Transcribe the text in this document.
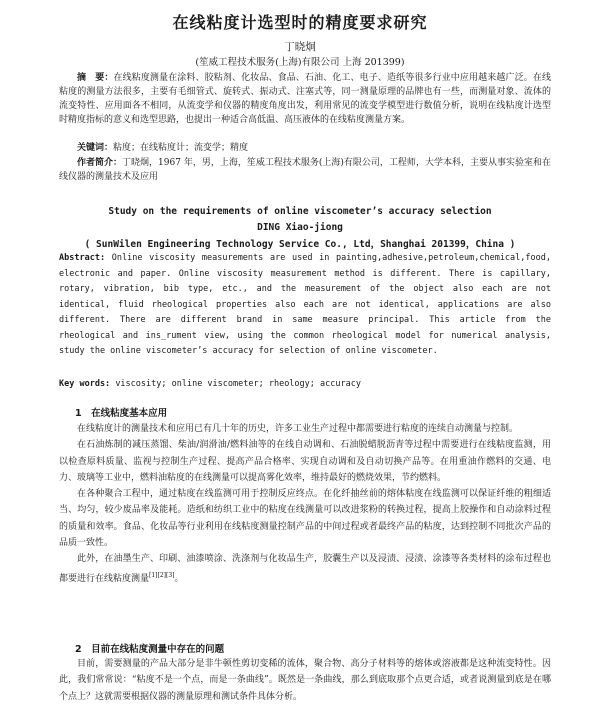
在线粘度计选型时的精度要求研究
丁晓炯
(笙威工程技术服务(上海)有限公司 上海 201399)
摘　要：在线粘度测量在涂料、胶粘剂、化妆品、食品、石油、化工、电子、造纸等很多行业中应用越来越广泛。在线粘度的测量方法很多，主要有毛细管式、旋转式、振动式、注塞式等，同一测量原理的品牌也有一些，而测量对象、流体的流变特性、应用面各不相同，从流变学和仪器的精度角度出发，利用常见的流变学模型进行数值分析，说明在线粘度计选型时精度指标的意义和选型思路，也提出一种适合高低温、高压液体的在线粘度测量方案。
关键词：粘度；在线粘度计；流变学；精度
作者简介：丁晓炯，1967 年，男，上海，笙威工程技术服务(上海)有限公司，工程师，大学本科，主要从事实验室和在线仪器的测量技术及应用
Study on the requirements of online viscometer’s accuracy selection
DING Xiao-jiong
( SunWilen Engineering Technology Service Co., Ltd，Shanghai 201399，China )
Abstract: Online viscosity measurements are used in painting,adhesive,petroleum,chemical,food, electronic and paper. Online viscosity measurement method is different. There is capillary, rotary, vibration, bib type, etc., and the measurement of the object also each are not identical, fluid rheological properties also each are not identical, applications are also different. There are different brand in same measure principal. This article from the rheological and ins_rument view, using the common rheological model for numerical analysis, study the online viscometer’s accuracy for selection of online viscometer.
Key words: viscosity; online viscometer; rheology; accuracy
1　在线粘度基本应用

在线粘度计的测量技术和应用已有几十年的历史，许多工业生产过程中都需要进行粘度的连续自动测量与控制。

在石油炼制的减压蒸馏、柴油/润滑油/燃料油等的在线自动调和、石油脱蜡脱沥青等过程中需要进行在线粘度监测，用以检查原料质量、监视与控制生产过程、提高产品合格率、实现自动调和及自动切换产品等。在用重油作燃料的交通、电力、玻璃等工业中，燃料油粘度的在线测量可以提高雾化效率，维持最好的燃烧效果，节约燃料。

在各种聚合工程中，通过粘度在线监测可用于控制反应终点。在化纤抽丝前的熔体粘度在线监测可以保证纤维的粗细适当、均匀，较少废品率及能耗。造纸和纺织工业中的粘度在线测量可以改进浆粉的转换过程，提高上胶操作和自动涂料过程的质量和效率。食品、化妆品等行业利用在线粘度测量控制产品的中间过程或者最终产品的粘度，达到控制不同批次产品的品质一致性。

此外，在油墨生产、印刷、油漆喷涂、洗涤剂与化妆品生产，胶囊生产以及浸渍、浸渍、涂漆等各类材料的涂布过程也都要进行在线粘度测量[1][2][3]。

2　目前在线粘度测量中存在的问题

目前，需要测量的产品大部分是非牛顿性剪切变稀的流体，聚合物、高分子材料等的熔体或溶液都是这种流变特性。因此，我们常常说：“粘度不是一个点，而是一条曲线”。既然是一条曲线，那么到底取那个点更合适，或者说测量到底是在哪个点上？这就需要根据仪器的测量原理和测试条件具体分析。
